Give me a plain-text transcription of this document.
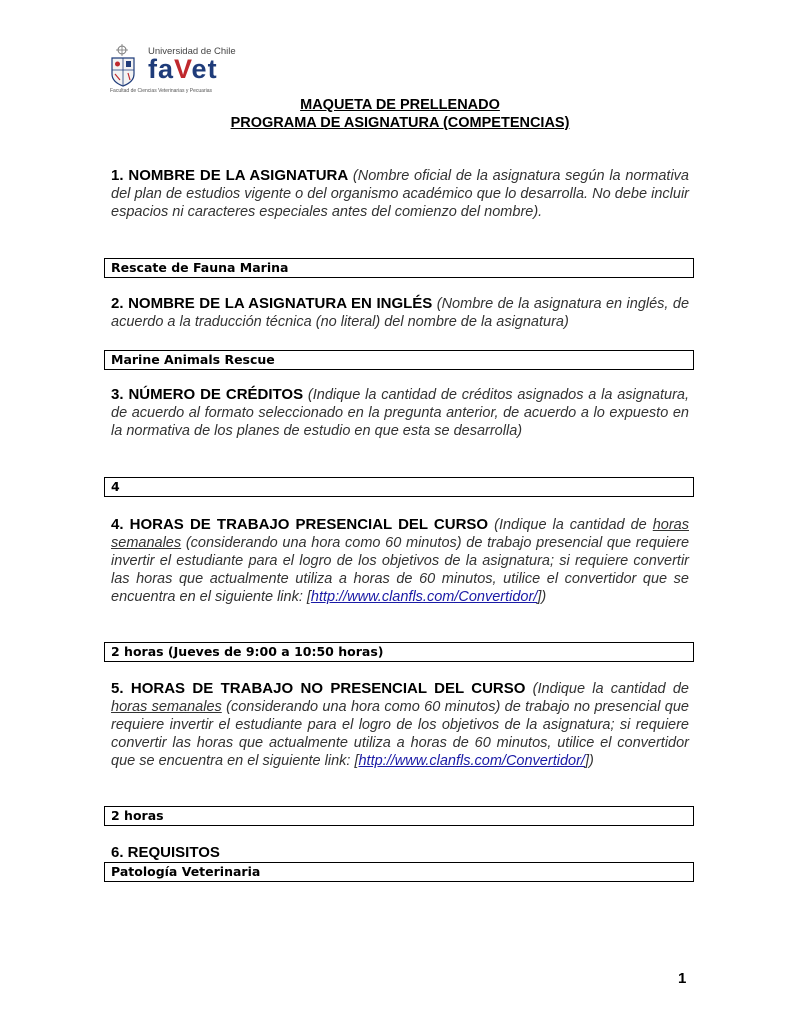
Universidad de Chile
faVet
Facultad de Ciencias Veterinarias y Pecuarias
MAQUETA DE PRELLENADO
PROGRAMA DE ASIGNATURA (COMPETENCIAS)
1. NOMBRE DE LA ASIGNATURA (Nombre oficial de la asignatura según la normativa del plan de estudios vigente o del organismo académico que lo desarrolla. No debe incluir espacios ni caracteres especiales antes del comienzo del nombre).
Rescate de Fauna Marina
2. NOMBRE DE LA ASIGNATURA EN INGLÉS (Nombre de la asignatura en inglés, de acuerdo a la traducción técnica (no literal) del nombre de la asignatura)
Marine Animals Rescue
3. NÚMERO DE CRÉDITOS (Indique la cantidad de créditos asignados a la asignatura, de acuerdo al formato seleccionado en la pregunta anterior, de acuerdo a lo expuesto en la normativa de los planes de estudio en que esta se desarrolla)
4
4. HORAS DE TRABAJO PRESENCIAL DEL CURSO (Indique la cantidad de horas semanales (considerando una hora como 60 minutos) de trabajo presencial que requiere invertir el estudiante para el logro de los objetivos de la asignatura; si requiere convertir las horas que actualmente utiliza a horas de 60 minutos, utilice el convertidor que se encuentra en el siguiente link: [http://www.clanfls.com/Convertidor/])
2 horas (Jueves de 9:00 a 10:50 horas)
5. HORAS DE TRABAJO NO PRESENCIAL DEL CURSO (Indique la cantidad de horas semanales (considerando una hora como 60 minutos) de trabajo no presencial que requiere invertir el estudiante para el logro de los objetivos de la asignatura; si requiere convertir las horas que actualmente utiliza a horas de 60 minutos, utilice el convertidor que se encuentra en el siguiente link: [http://www.clanfls.com/Convertidor/])
2 horas
6. REQUISITOS
Patología Veterinaria
1
